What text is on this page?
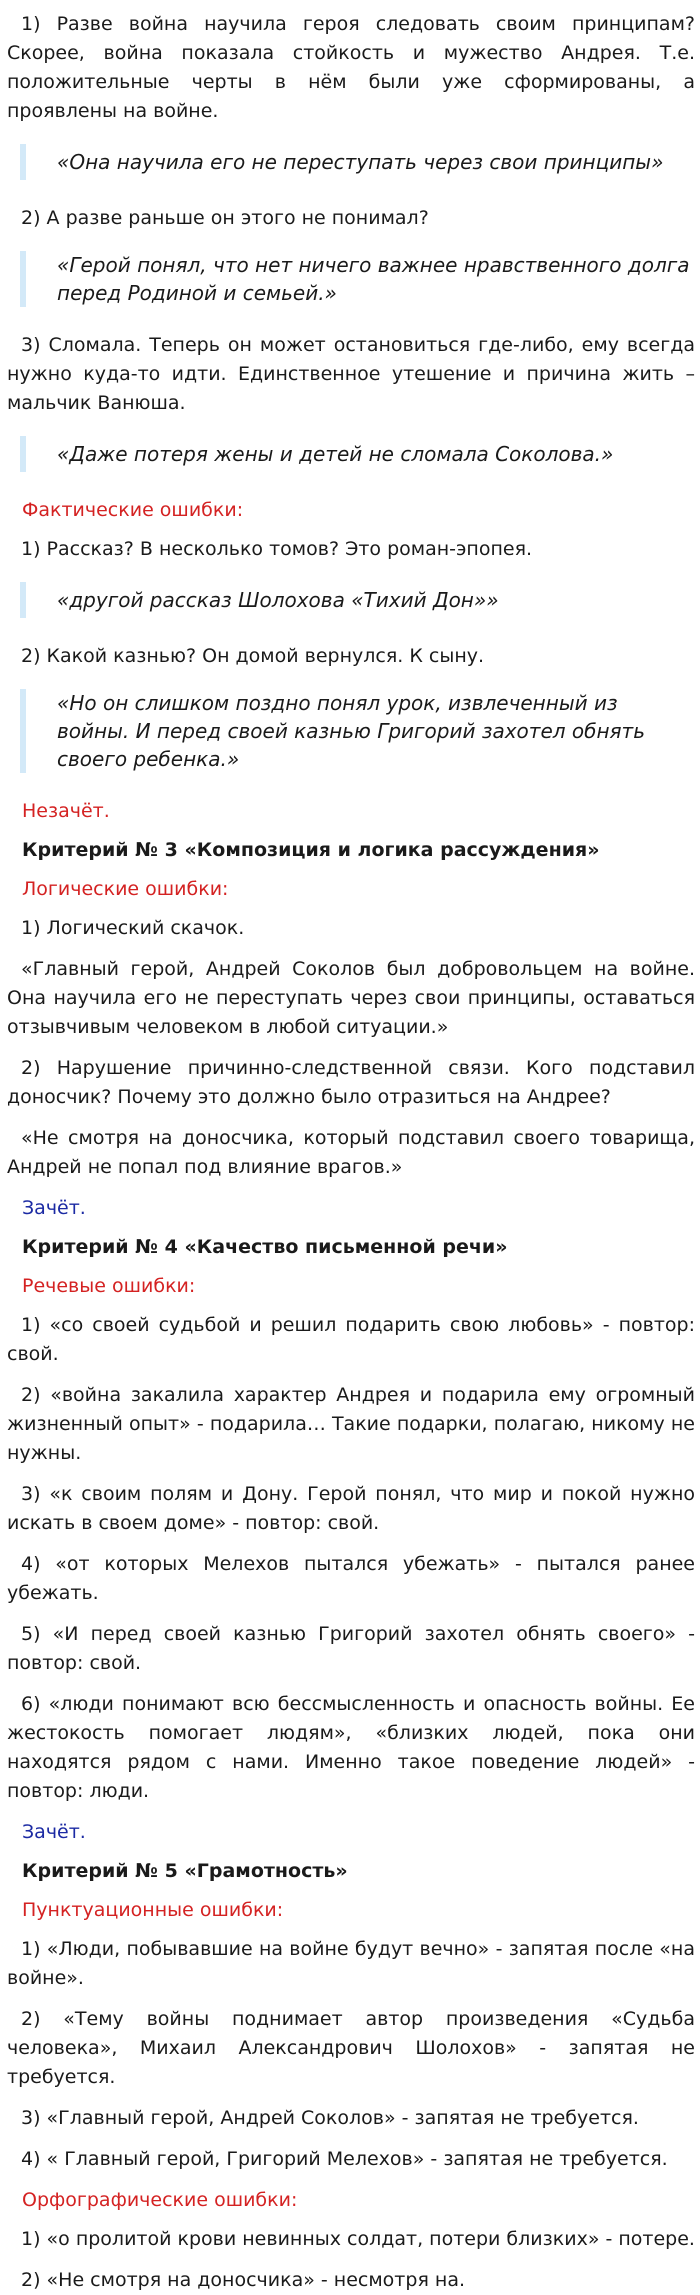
1) Разве война научила героя следовать своим принципам? Скорее, война показала стойкость и мужество Андрея. Т.е. положительные черты в нём были уже сформированы, а проявлены на войне.

«Она научила его не переступать через свои принципы»

2) А разве раньше он этого не понимал?

«Герой понял, что нет ничего важнее нравственного долга перед Родиной и семьей.»

3) Сломала. Теперь он может остановиться где-либо, ему всегда нужно куда-то идти. Единственное утешение и причина жить – мальчик Ванюша.

«Даже потеря жены и детей не сломала Соколова.»

Фактические ошибки:

1) Рассказ? В несколько томов? Это роман-эпопея.

«другой рассказ Шолохова «Тихий Дон»»

2) Какой казнью? Он домой вернулся. К сыну.

«Но он слишком поздно понял урок, извлеченный из войны. И перед своей казнью Григорий захотел обнять своего ребенка.»

Незачёт.

Критерий № 3 «Композиция и логика рассуждения»

Логические ошибки:

1) Логический скачок.

«Главный герой, Андрей Соколов был добровольцем на войне. Она научила его не переступать через свои принципы, оставаться отзывчивым человеком в любой ситуации.»

2) Нарушение причинно-следственной связи. Кого подставил доносчик? Почему это должно было отразиться на Андрее?

«Не смотря на доносчика, который подставил своего товарища, Андрей не попал под влияние врагов.»

Зачёт.

Критерий № 4 «Качество письменной речи»

Речевые ошибки:

1) «со своей судьбой и решил подарить свою любовь» - повтор: свой.

2) «война закалила характер Андрея и подарила ему огромный жизненный опыт» - подарила… Такие подарки, полагаю, никому не нужны.

3) «к своим полям и Дону. Герой понял, что мир и покой нужно искать в своем доме» - повтор: свой.

4) «от которых Мелехов пытался убежать» - пытался ранее убежать.

5) «И перед своей казнью Григорий захотел обнять своего» - повтор: свой.

6) «люди понимают всю бессмысленность и опасность войны. Ее жестокость помогает людям», «близких людей, пока они находятся рядом с нами. Именно такое поведение людей» - повтор: люди.

Зачёт.

Критерий № 5 «Грамотность»

Пунктуационные ошибки:

1) «Люди, побывавшие на войне будут вечно» - запятая после «на войне».

2) «Тему войны поднимает автор произведения «Судьба человека», Михаил Александрович Шолохов» - запятая не требуется.

3) «Главный герой, Андрей Соколов» - запятая не требуется.

4) « Главный герой, Григорий Мелехов» - запятая не требуется.

Орфографические ошибки:

1) «о пролитой крови невинных солдат, потери близких» - потере.

2) «Не смотря на доносчика» - несмотря на.
